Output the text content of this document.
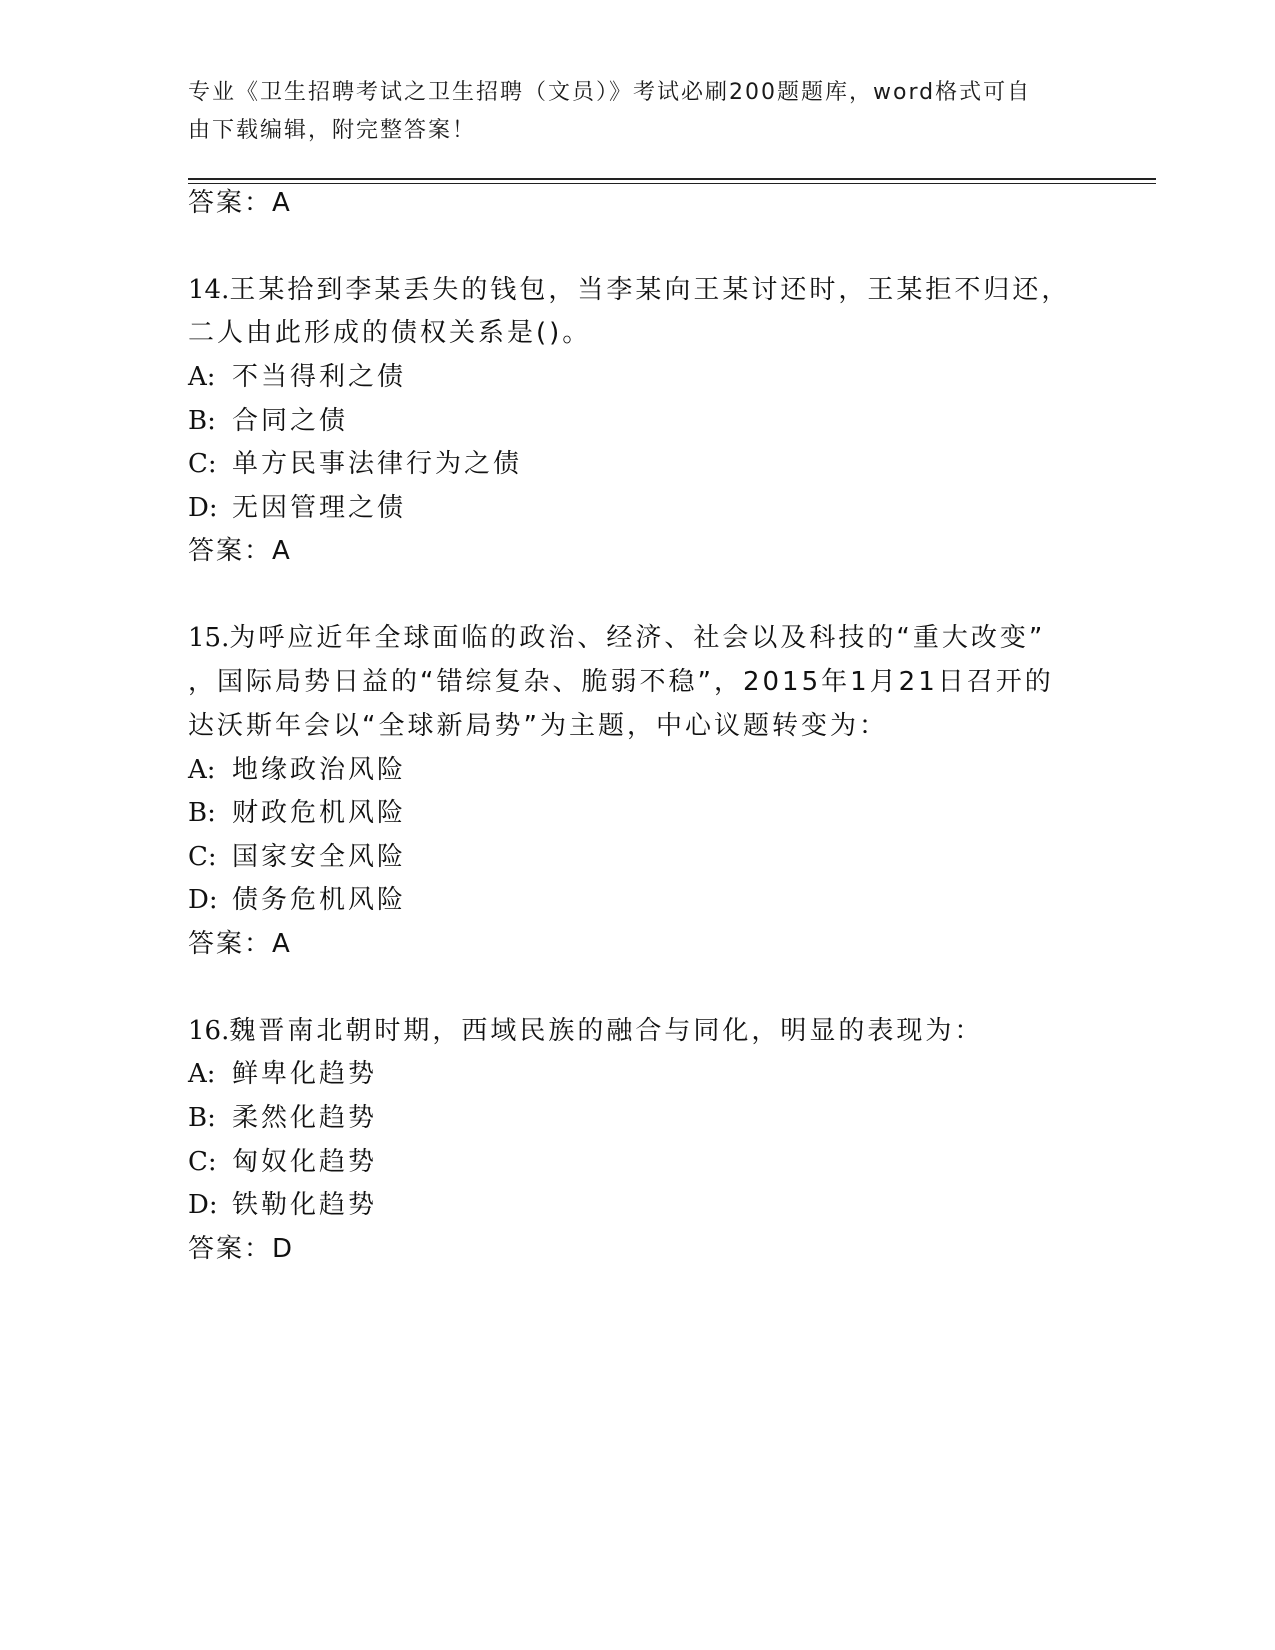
专业《卫生招聘考试之卫生招聘（文员）》考试必刷200题题库，word格式可自
由下载编辑，附完整答案！
答案：A
14.王某拾到李某丢失的钱包，当李某向王某讨还时，王某拒不归还，
二人由此形成的债权关系是()。
A: 不当得利之债
B: 合同之债
C: 单方民事法律行为之债
D: 无因管理之债
答案：A
15.为呼应近年全球面临的政治、经济、社会以及科技的“重大改变”
，国际局势日益的“错综复杂、脆弱不稳”，2015年1月21日召开的
达沃斯年会以“全球新局势”为主题，中心议题转变为：
A: 地缘政治风险
B: 财政危机风险
C: 国家安全风险
D: 债务危机风险
答案：A
16.魏晋南北朝时期，西域民族的融合与同化，明显的表现为：
A: 鲜卑化趋势
B: 柔然化趋势
C: 匈奴化趋势
D: 铁勒化趋势
答案：D
